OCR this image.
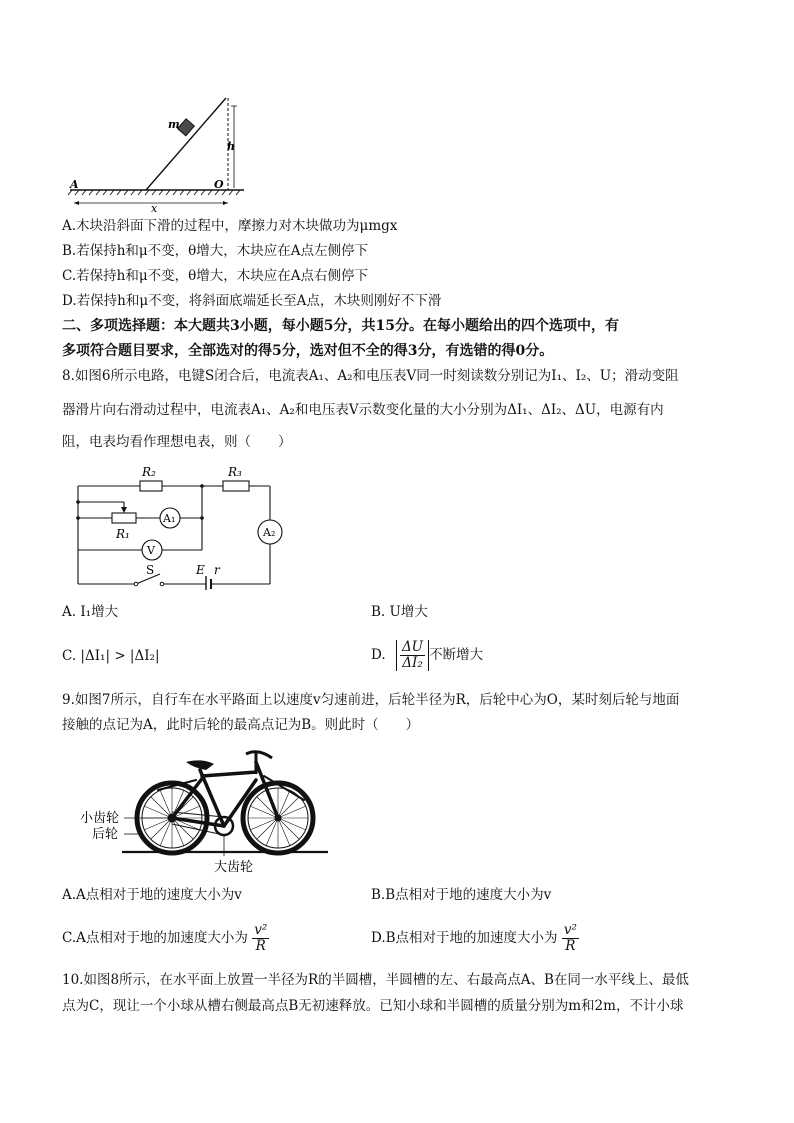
m
h
A	O
x
A.木块沿斜面下滑的过程中，摩擦力对木块做功为μmgx
B.若保持h和μ不变，θ增大，木块应在A点左侧停下
C.若保持h和μ不变，θ增大，木块应在A点右侧停下
D.若保持h和μ不变，将斜面底端延长至A点，木块则刚好不下滑
二、多项选择题：本大题共3小题，每小题5分，共15分。在每小题给出的四个选项中，有
多项符合题目要求，全部选对的得5分，选对但不全的得3分，有选错的得0分。
8.如图6所示电路，电键S闭合后，电流表A₁、A₂和电压表V同一时刻读数分别记为I₁、I₂、U；滑动变阻
器滑片向右滑动过程中，电流表A₁、A₂和电压表V示数变化量的大小分别为ΔI₁、ΔI₂、ΔU，电源有内
阻，电表均看作理想电表，则（　　）
R₂	R₃
R₁
A₁
A₂
V
S	E r
A. I₁增大	B. U增大
C. |ΔI₁| > |ΔI₂|	D. $\frac{\Delta U}{\text{ΔI₂}}$ 不断增大
9.如图7所示，自行车在水平路面上以速度v匀速前进，后轮半径为R，后轮中心为O，某时刻后轮与地面
接触的点记为A，此时后轮的最高点记为B。则此时（　　）
小齿轮
后轮
大齿轮
A.A点相对于地的速度大小为v	B.B点相对于地的速度大小为v
C.A点相对于地的加速度大小为 $\frac{\text{v²}}{R}$	D.B点相对于地的加速度大小为 $\frac{\text{v²}}{R}$
10.如图8所示，在水平面上放置一半径为R的半圆槽，半圆槽的左、右最高点A、B在同一水平线上、最低
点为C，现让一个小球从槽右侧最高点B无初速释放。已知小球和半圆槽的质量分别为m和2m，不计小球
